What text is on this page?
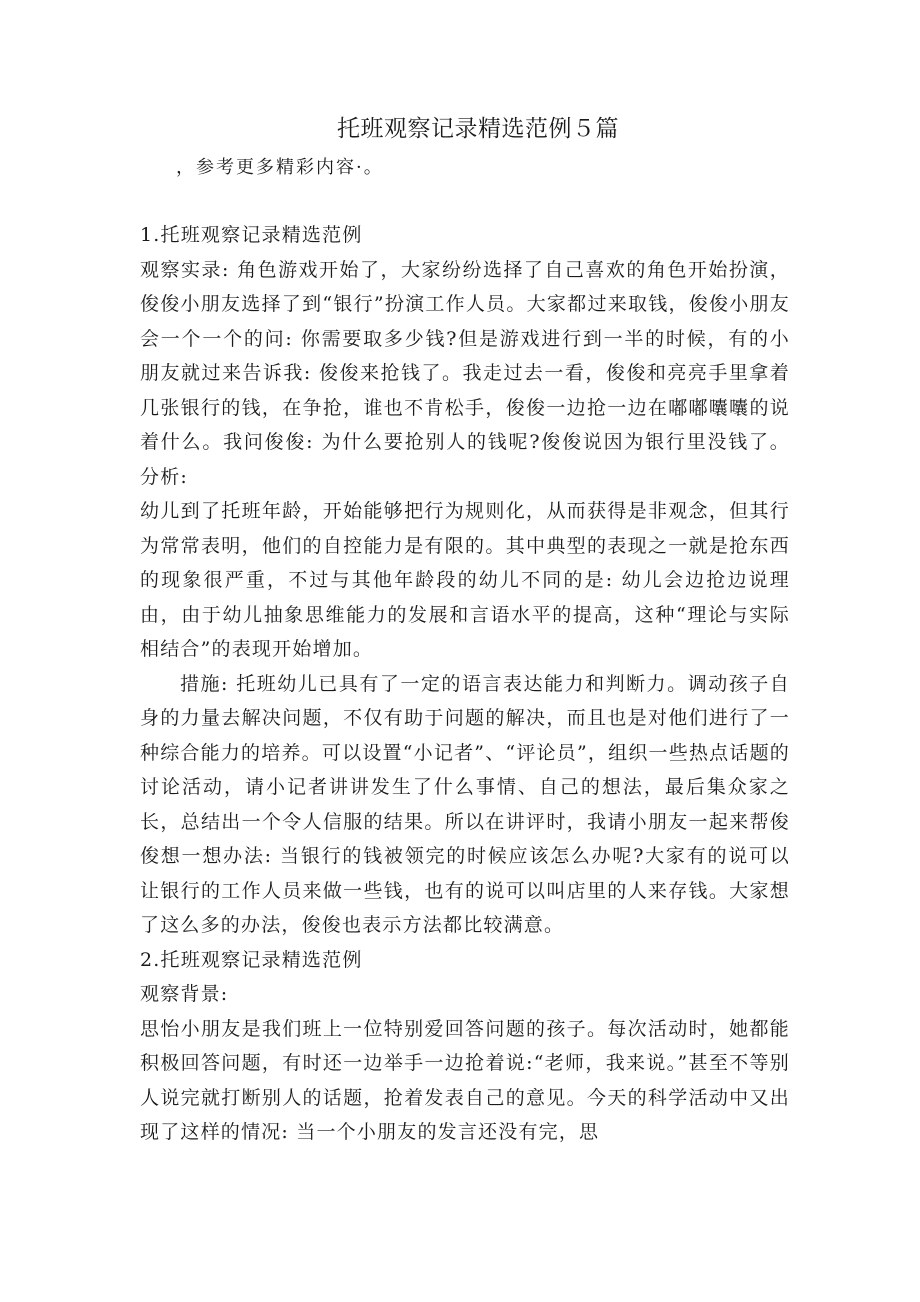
托班观察记录精选范例５篇

，参考更多精彩内容·。

1.托班观察记录精选范例

观察实录: 角色游戏开始了，大家纷纷选择了自己喜欢的角色开始扮演，俊俊小朋友选择了到“银行”扮演工作人员。大家都过来取钱，俊俊小朋友会一个一个的问: 你需要取多少钱?但是游戏进行到一半的时候，有的小朋友就过来告诉我: 俊俊来抢钱了。我走过去一看，俊俊和亮亮手里拿着几张银行的钱，在争抢，谁也不肯松手，俊俊一边抢一边在嘟嘟囔囔的说着什么。我问俊俊: 为什么要抢别人的钱呢?俊俊说因为银行里没钱了。分析:

幼儿到了托班年龄，开始能够把行为规则化，从而获得是非观念，但其行为常常表明，他们的自控能力是有限的。其中典型的表现之一就是抢东西的现象很严重，不过与其他年龄段的幼儿不同的是: 幼儿会边抢边说理由，由于幼儿抽象思维能力的发展和言语水平的提高，这种“理论与实际相结合”的表现开始增加。

措施: 托班幼儿已具有了一定的语言表达能力和判断力。调动孩子自身的力量去解决问题，不仅有助于问题的解决，而且也是对他们进行了一种综合能力的培养。可以设置“小记者”、“评论员”，组织一些热点话题的讨论活动，请小记者讲讲发生了什么事情、自己的想法，最后集众家之长，总结出一个令人信服的结果。所以在讲评时，我请小朋友一起来帮俊俊想一想办法: 当银行的钱被领完的时候应该怎么办呢?大家有的说可以让银行的工作人员来做一些钱，也有的说可以叫店里的人来存钱。大家想了这么多的办法，俊俊也表示方法都比较满意。

2.托班观察记录精选范例

观察背景:

思怡小朋友是我们班上一位特别爱回答问题的孩子。每次活动时，她都能积极回答问题，有时还一边举手一边抢着说:“老师，我来说。”甚至不等别人说完就打断别人的话题，抢着发表自己的意见。今天的科学活动中又出现了这样的情况: 当一个小朋友的发言还没有完，思
